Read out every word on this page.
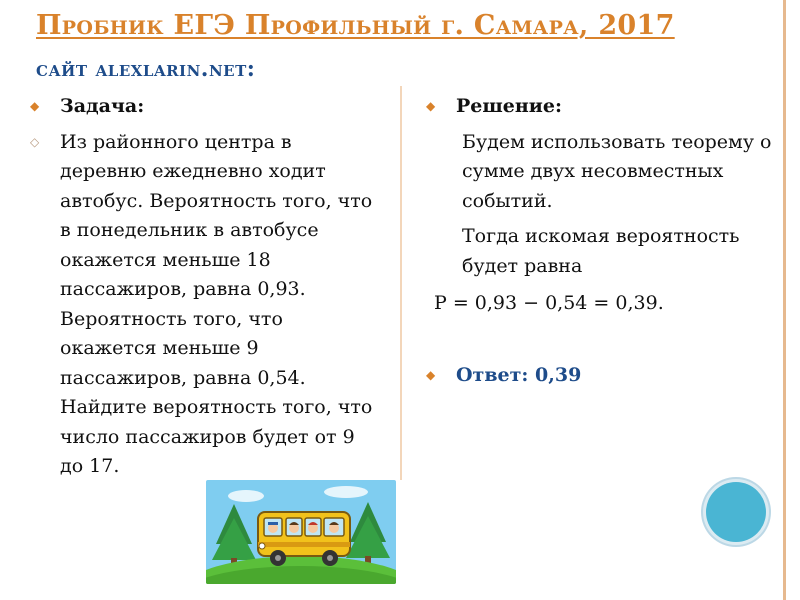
Пробник ЕГЭ Профильный г. Самара, 2017
сайт alexlarin.net:
◆ Задача:
◇ Из районного центра в деревню ежедневно ходит автобус. Вероятность того, что в понедельник в автобусе окажется меньше 18 пассажиров, равна 0,93. Вероятность того, что окажется меньше 9 пассажиров, равна 0,54. Найдите вероятность того, что число пассажиров будет от 9 до 17.
◆ Решение:
Будем использовать теорему о сумме двух несовместных событий.
Тогда искомая вероятность будет равна
Р = 0,93 − 0,54 = 0,39.
◆ Ответ: 0,39
